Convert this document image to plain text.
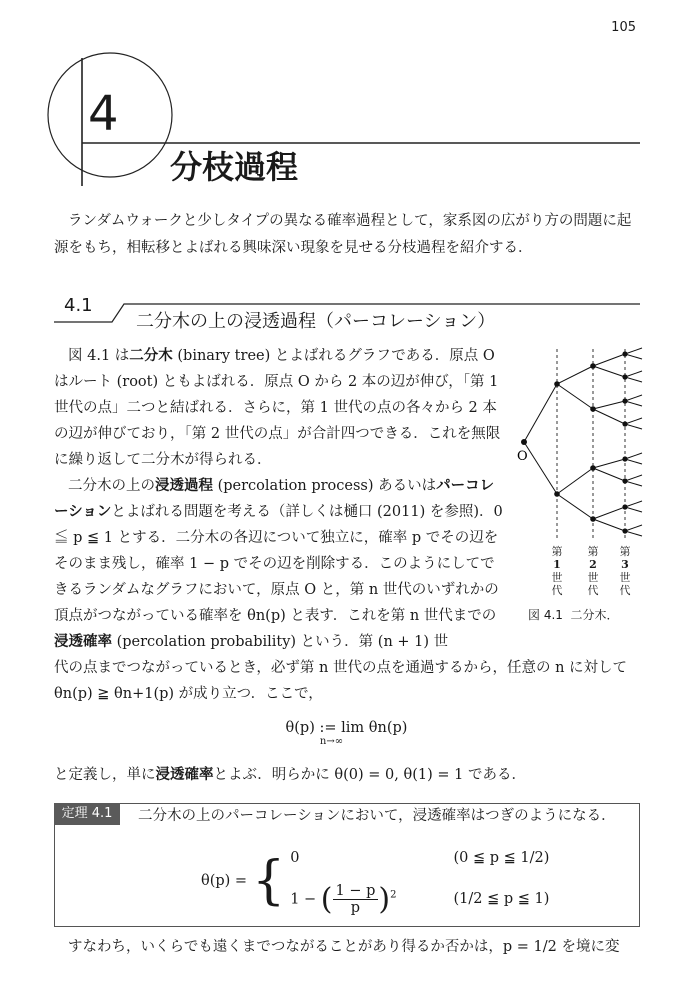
105
4
分枝過程

ランダムウォークと少しタイプの異なる確率過程として，家系図の広がり方の問題に起源をもち，相転移とよばれる興味深い現象を見せる分枝過程を紹介する．

4.1
二分木の上の浸透過程（パーコレーション）

図 4.1 は二分木 (binary tree) とよばれるグラフである．原点 O はルート (root) ともよばれる．原点 O から 2 本の辺が伸び，「第 1 世代の点」二つと結ばれる．さらに，第 1 世代の点の各々から 2 本の辺が伸びており，「第 2 世代の点」が合計四つできる．これを無限に繰り返して二分木が得られる．

二分木の上の浸透過程 (percolation process) あるいはパーコレーションとよばれる問題を考える（詳しくは樋口 (2011) を参照)．0 ≦ p ≦ 1 とする．二分木の各辺について独立に，確率 p でその辺をそのまま残し，確率 1 − p でその辺を削除する．このようにしてできるランダムなグラフにおいて，原点 O と，第 n 世代のいずれかの頂点がつながっている確率を θn(p) と表す．これを第 n 世代までの浸透確率 (percolation probability) という．第 (n + 1) 世

代の点までつながっているとき，必ず第 n 世代の点を通過するから，任意の n に対して θn(p) ≧ θn+1(p) が成り立つ．ここで，

θ(p) := lim θn(p)
n→∞

と定義し，単に浸透確率とよぶ．明らかに θ(0) = 0, θ(1) = 1 である．

定理 4.1	二分木の上のパーコレーションにおいて，浸透確率はつぎのようになる．
θ(p) =	{	0	(0 ≦ p ≦ 1/2)
		1 − ( $\frac{1 - p}{p} )^2$	(1/2 ≦ p ≦ 1)

すなわち，いくらでも遠くまでつながることがあり得るか否かは，p = 1/2 を境に変

O
第
1
世
代
第
2
世
代
第
3
世
代
図 4.1 二分木．
